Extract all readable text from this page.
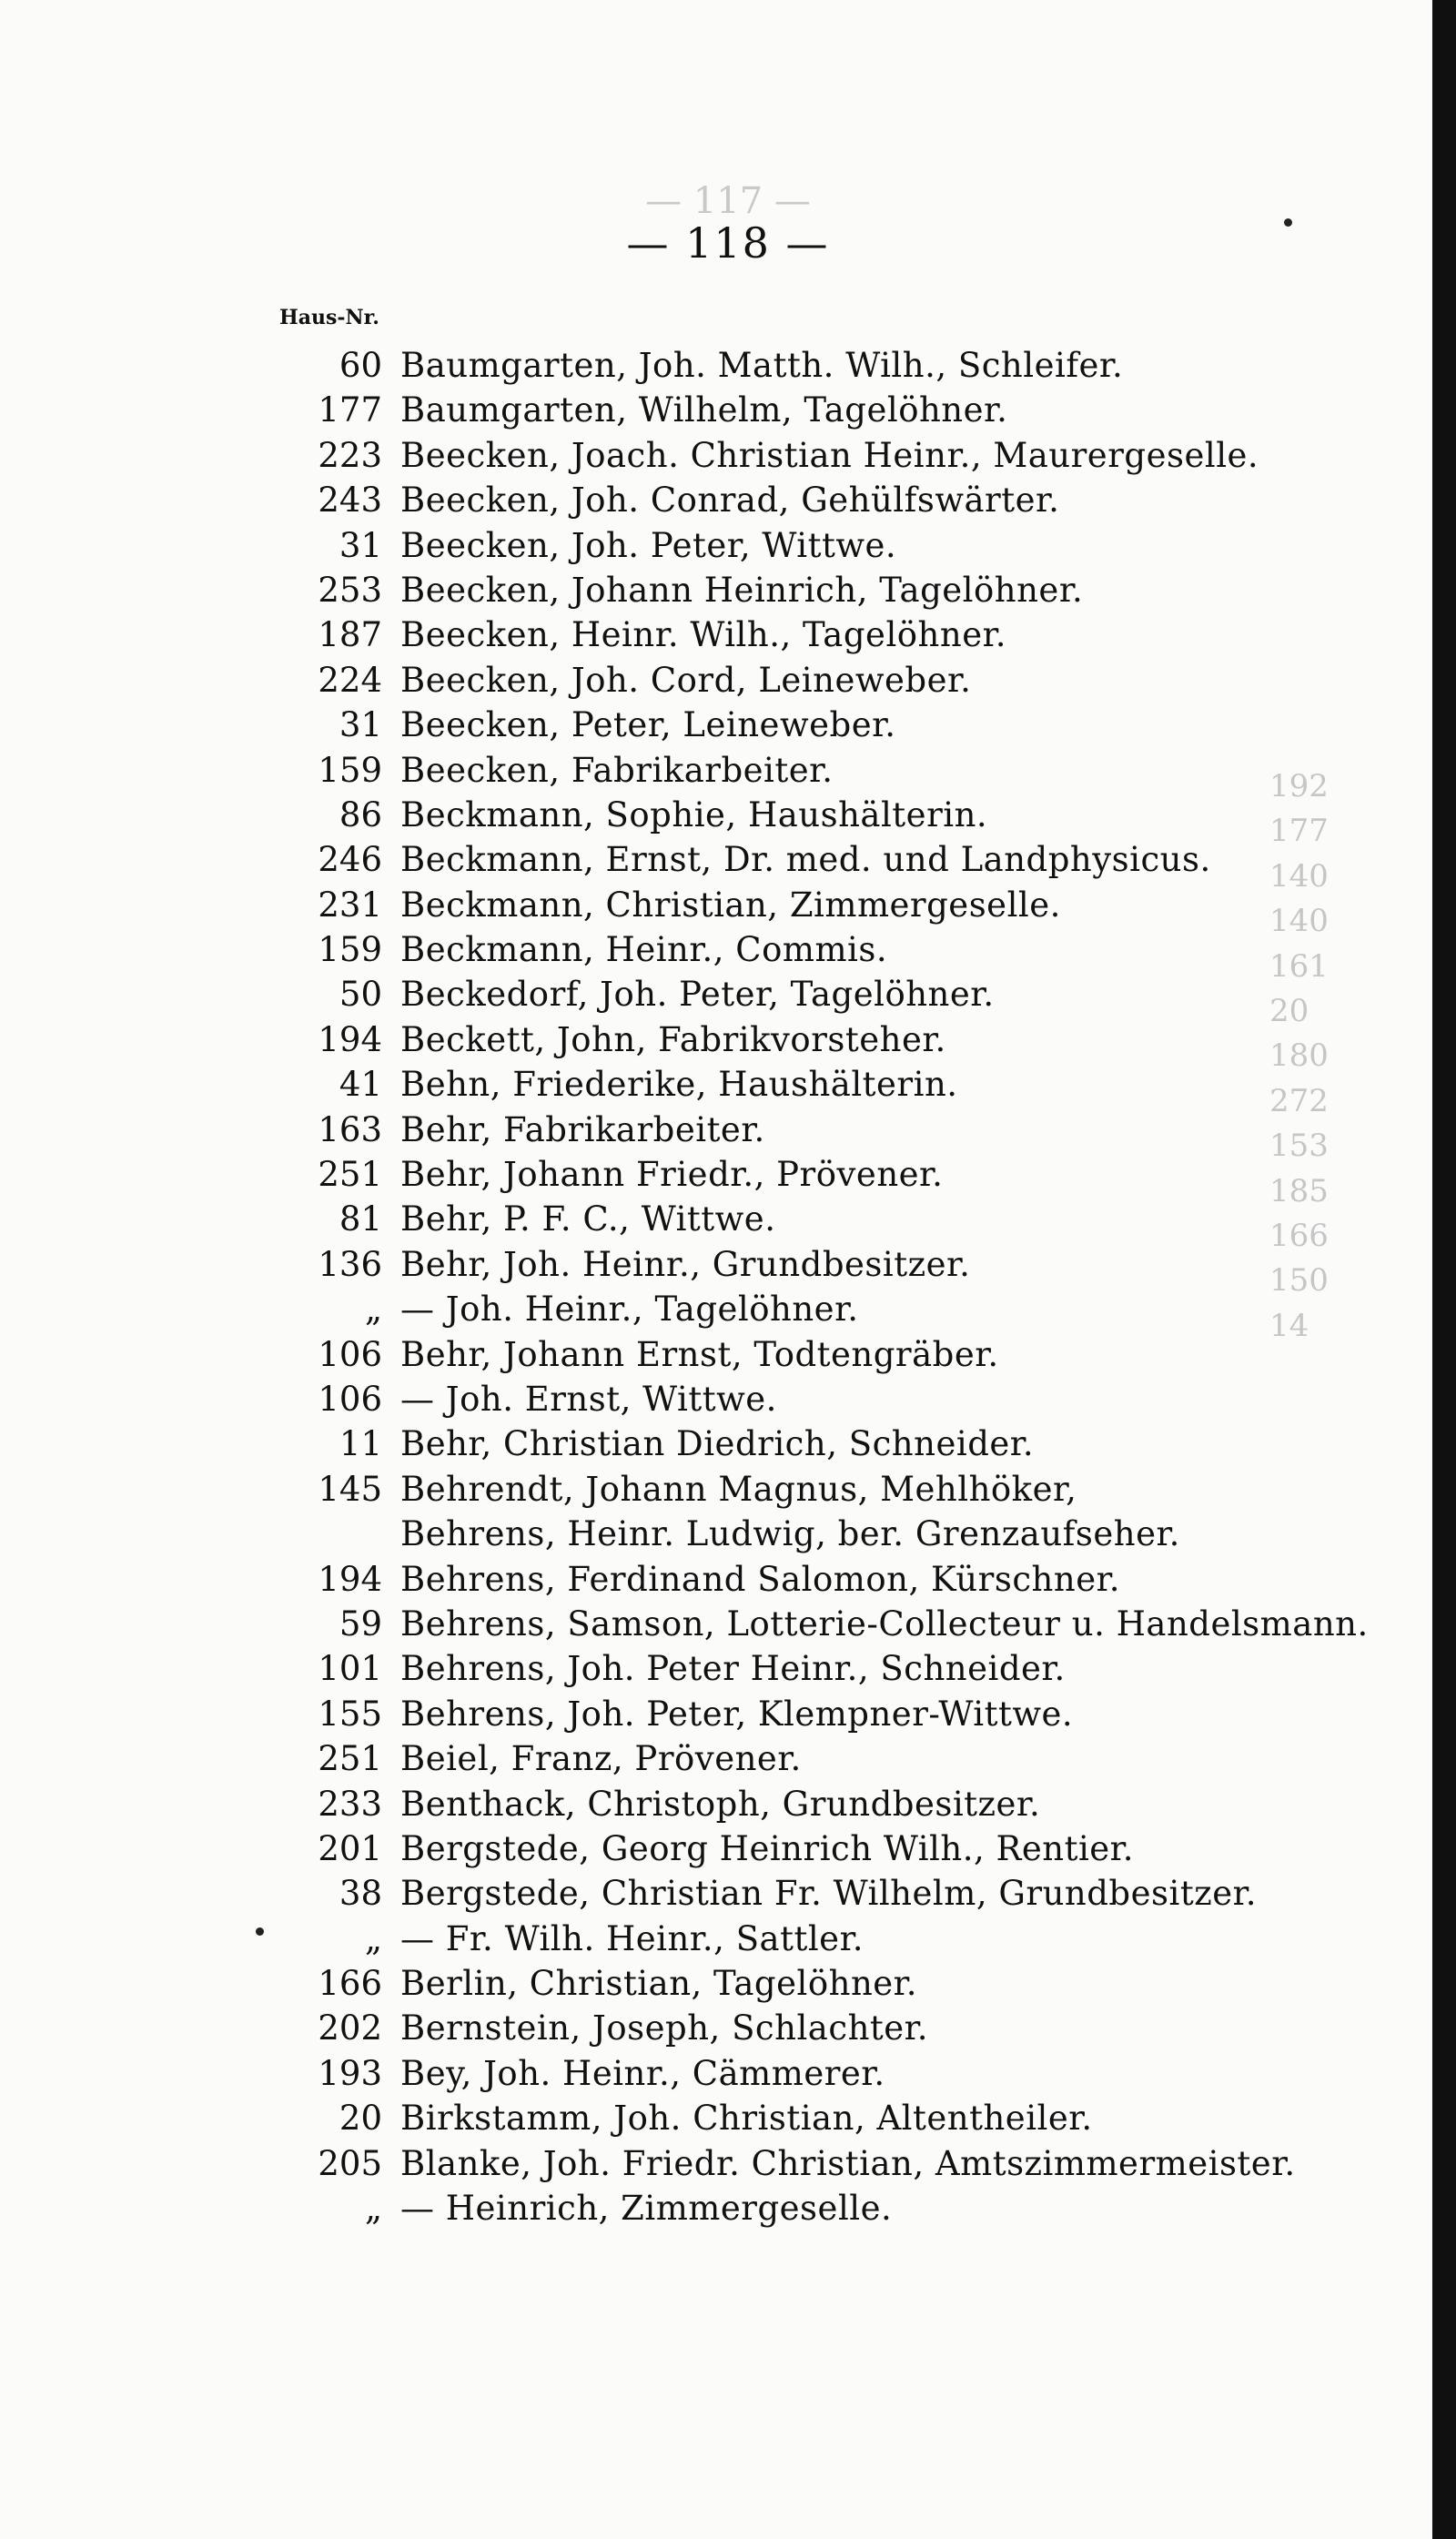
— 117 —
— 118 —
Haus-Nr.
192
177
140
140
161
20
180
272
153
185
166
150
14
60 Baumgarten, Joh. Matth. Wilh., Schleifer.
177 Baumgarten, Wilhelm, Tagelöhner.
223 Beecken, Joach. Christian Heinr., Maurergeselle.
243 Beecken, Joh. Conrad, Gehülfswärter.
31 Beecken, Joh. Peter, Wittwe.
253 Beecken, Johann Heinrich, Tagelöhner.
187 Beecken, Heinr. Wilh., Tagelöhner.
224 Beecken, Joh. Cord, Leineweber.
31 Beecken, Peter, Leineweber.
159 Beecken, Fabrikarbeiter.
86 Beckmann, Sophie, Haushälterin.
246 Beckmann, Ernst, Dr. med. und Landphysicus.
231 Beckmann, Christian, Zimmergeselle.
159 Beckmann, Heinr., Commis.
50 Beckedorf, Joh. Peter, Tagelöhner.
194 Beckett, John, Fabrikvorsteher.
41 Behn, Friederike, Haushälterin.
163 Behr, Fabrikarbeiter.
251 Behr, Johann Friedr., Prövener.
81 Behr, P. F. C., Wittwe.
136 Behr, Joh. Heinr., Grundbesitzer.
„ — Joh. Heinr., Tagelöhner.
106 Behr, Johann Ernst, Todtengräber.
106 — Joh. Ernst, Wittwe.
11 Behr, Christian Diedrich, Schneider.
145 Behrendt, Johann Magnus, Mehlhöker,
Behrens, Heinr. Ludwig, ber. Grenzaufseher.
194 Behrens, Ferdinand Salomon, Kürschner.
59 Behrens, Samson, Lotterie-Collecteur u. Handelsmann.
101 Behrens, Joh. Peter Heinr., Schneider.
155 Behrens, Joh. Peter, Klempner-Wittwe.
251 Beiel, Franz, Prövener.
233 Benthack, Christoph, Grundbesitzer.
201 Bergstede, Georg Heinrich Wilh., Rentier.
38 Bergstede, Christian Fr. Wilhelm, Grundbesitzer.
„ — Fr. Wilh. Heinr., Sattler.
166 Berlin, Christian, Tagelöhner.
202 Bernstein, Joseph, Schlachter.
193 Bey, Joh. Heinr., Cämmerer.
20 Birkstamm, Joh. Christian, Altentheiler.
205 Blanke, Joh. Friedr. Christian, Amtszimmermeister.
„ — Heinrich, Zimmergeselle.
